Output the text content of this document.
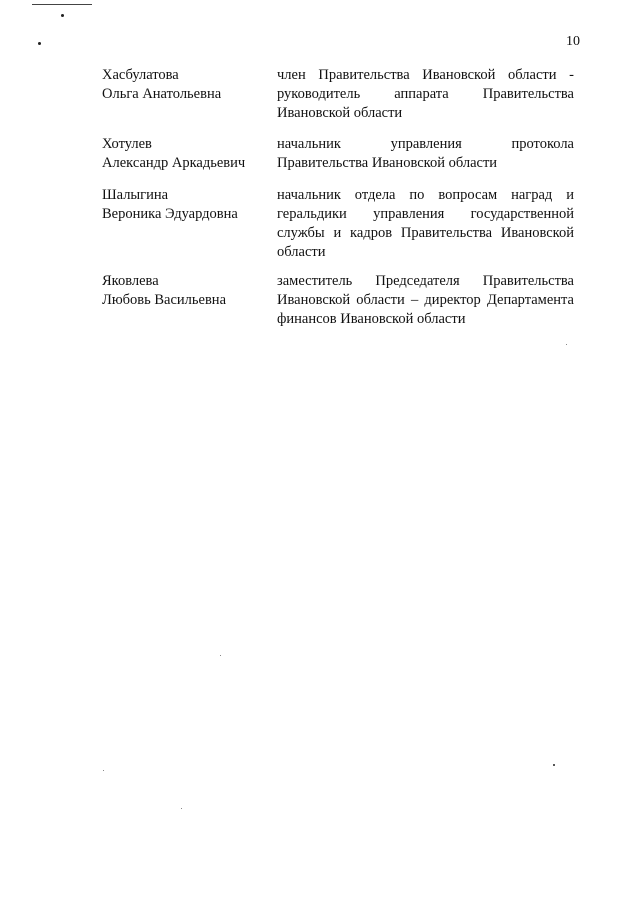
10
Хасбулатова
Ольга Анатольевна
член Правительства Ивановской области - руководитель аппарата Правительства Ивановской области
Хотулев
Александр Аркадьевич
начальник управления протокола Правительства Ивановской области
Шалыгина
Вероника Эдуардовна
начальник отдела по вопросам наград и геральдики управления государственной службы и кадров Правительства Ивановской области
Яковлева
Любовь Васильевна
заместитель Председателя Правительства Ивановской области – директор Департамента финансов Ивановской области
